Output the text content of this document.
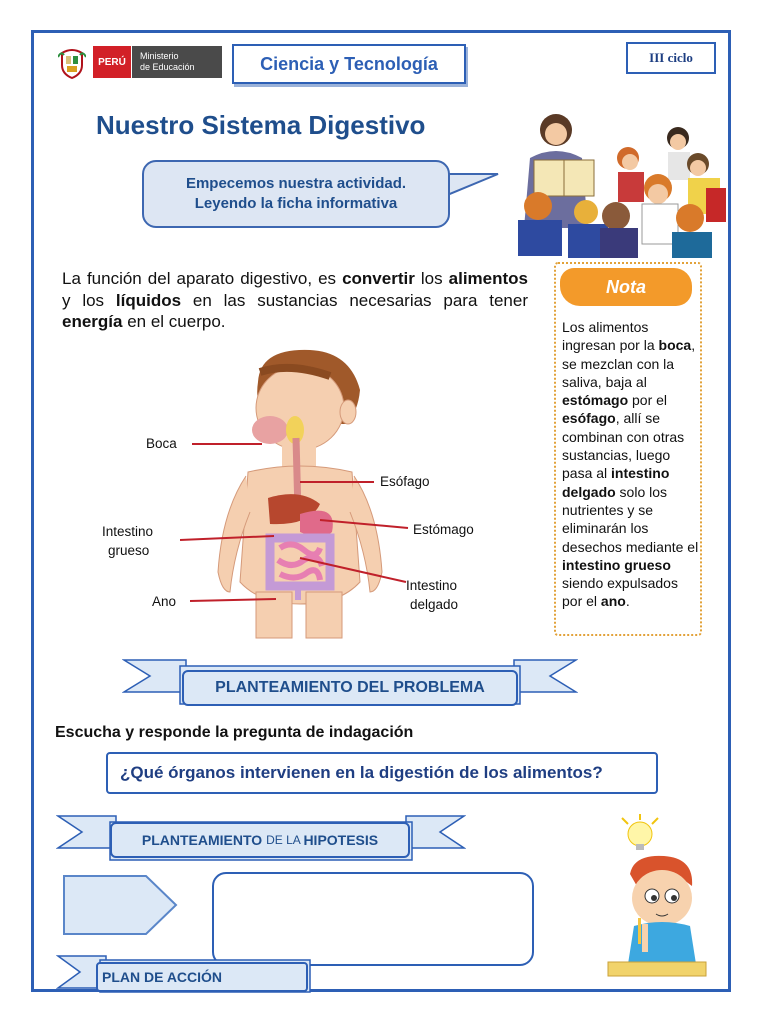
PERÚ
Ministerio
de Educación	Ciencia y Tecnología	III ciclo
Nuestro Sistema Digestivo
Empecemos nuestra actividad.
Leyendo la ficha informativa
La función del aparato digestivo, es convertir los alimentos y los líquidos en las sustancias necesarias para tener energía en el cuerpo.
Boca
Esófago
Estómago
Intestino
grueso
Ano
Intestino
delgado
Nota
Los alimentos ingresan por la boca, se mezclan con la saliva, baja al estómago por el esófago, allí se combinan con otras sustancias, luego pasa al intestino delgado solo los nutrientes y se eliminarán los desechos mediante el intestino grueso siendo expulsados por el ano.
PLANTEAMIENTO DEL PROBLEMA
Escucha y responde la pregunta de indagación
¿Qué órganos intervienen en la digestión de los alimentos?
PLANTEAMIENTO DE LA HIPOTESIS
PLAN DE ACCIÓN
